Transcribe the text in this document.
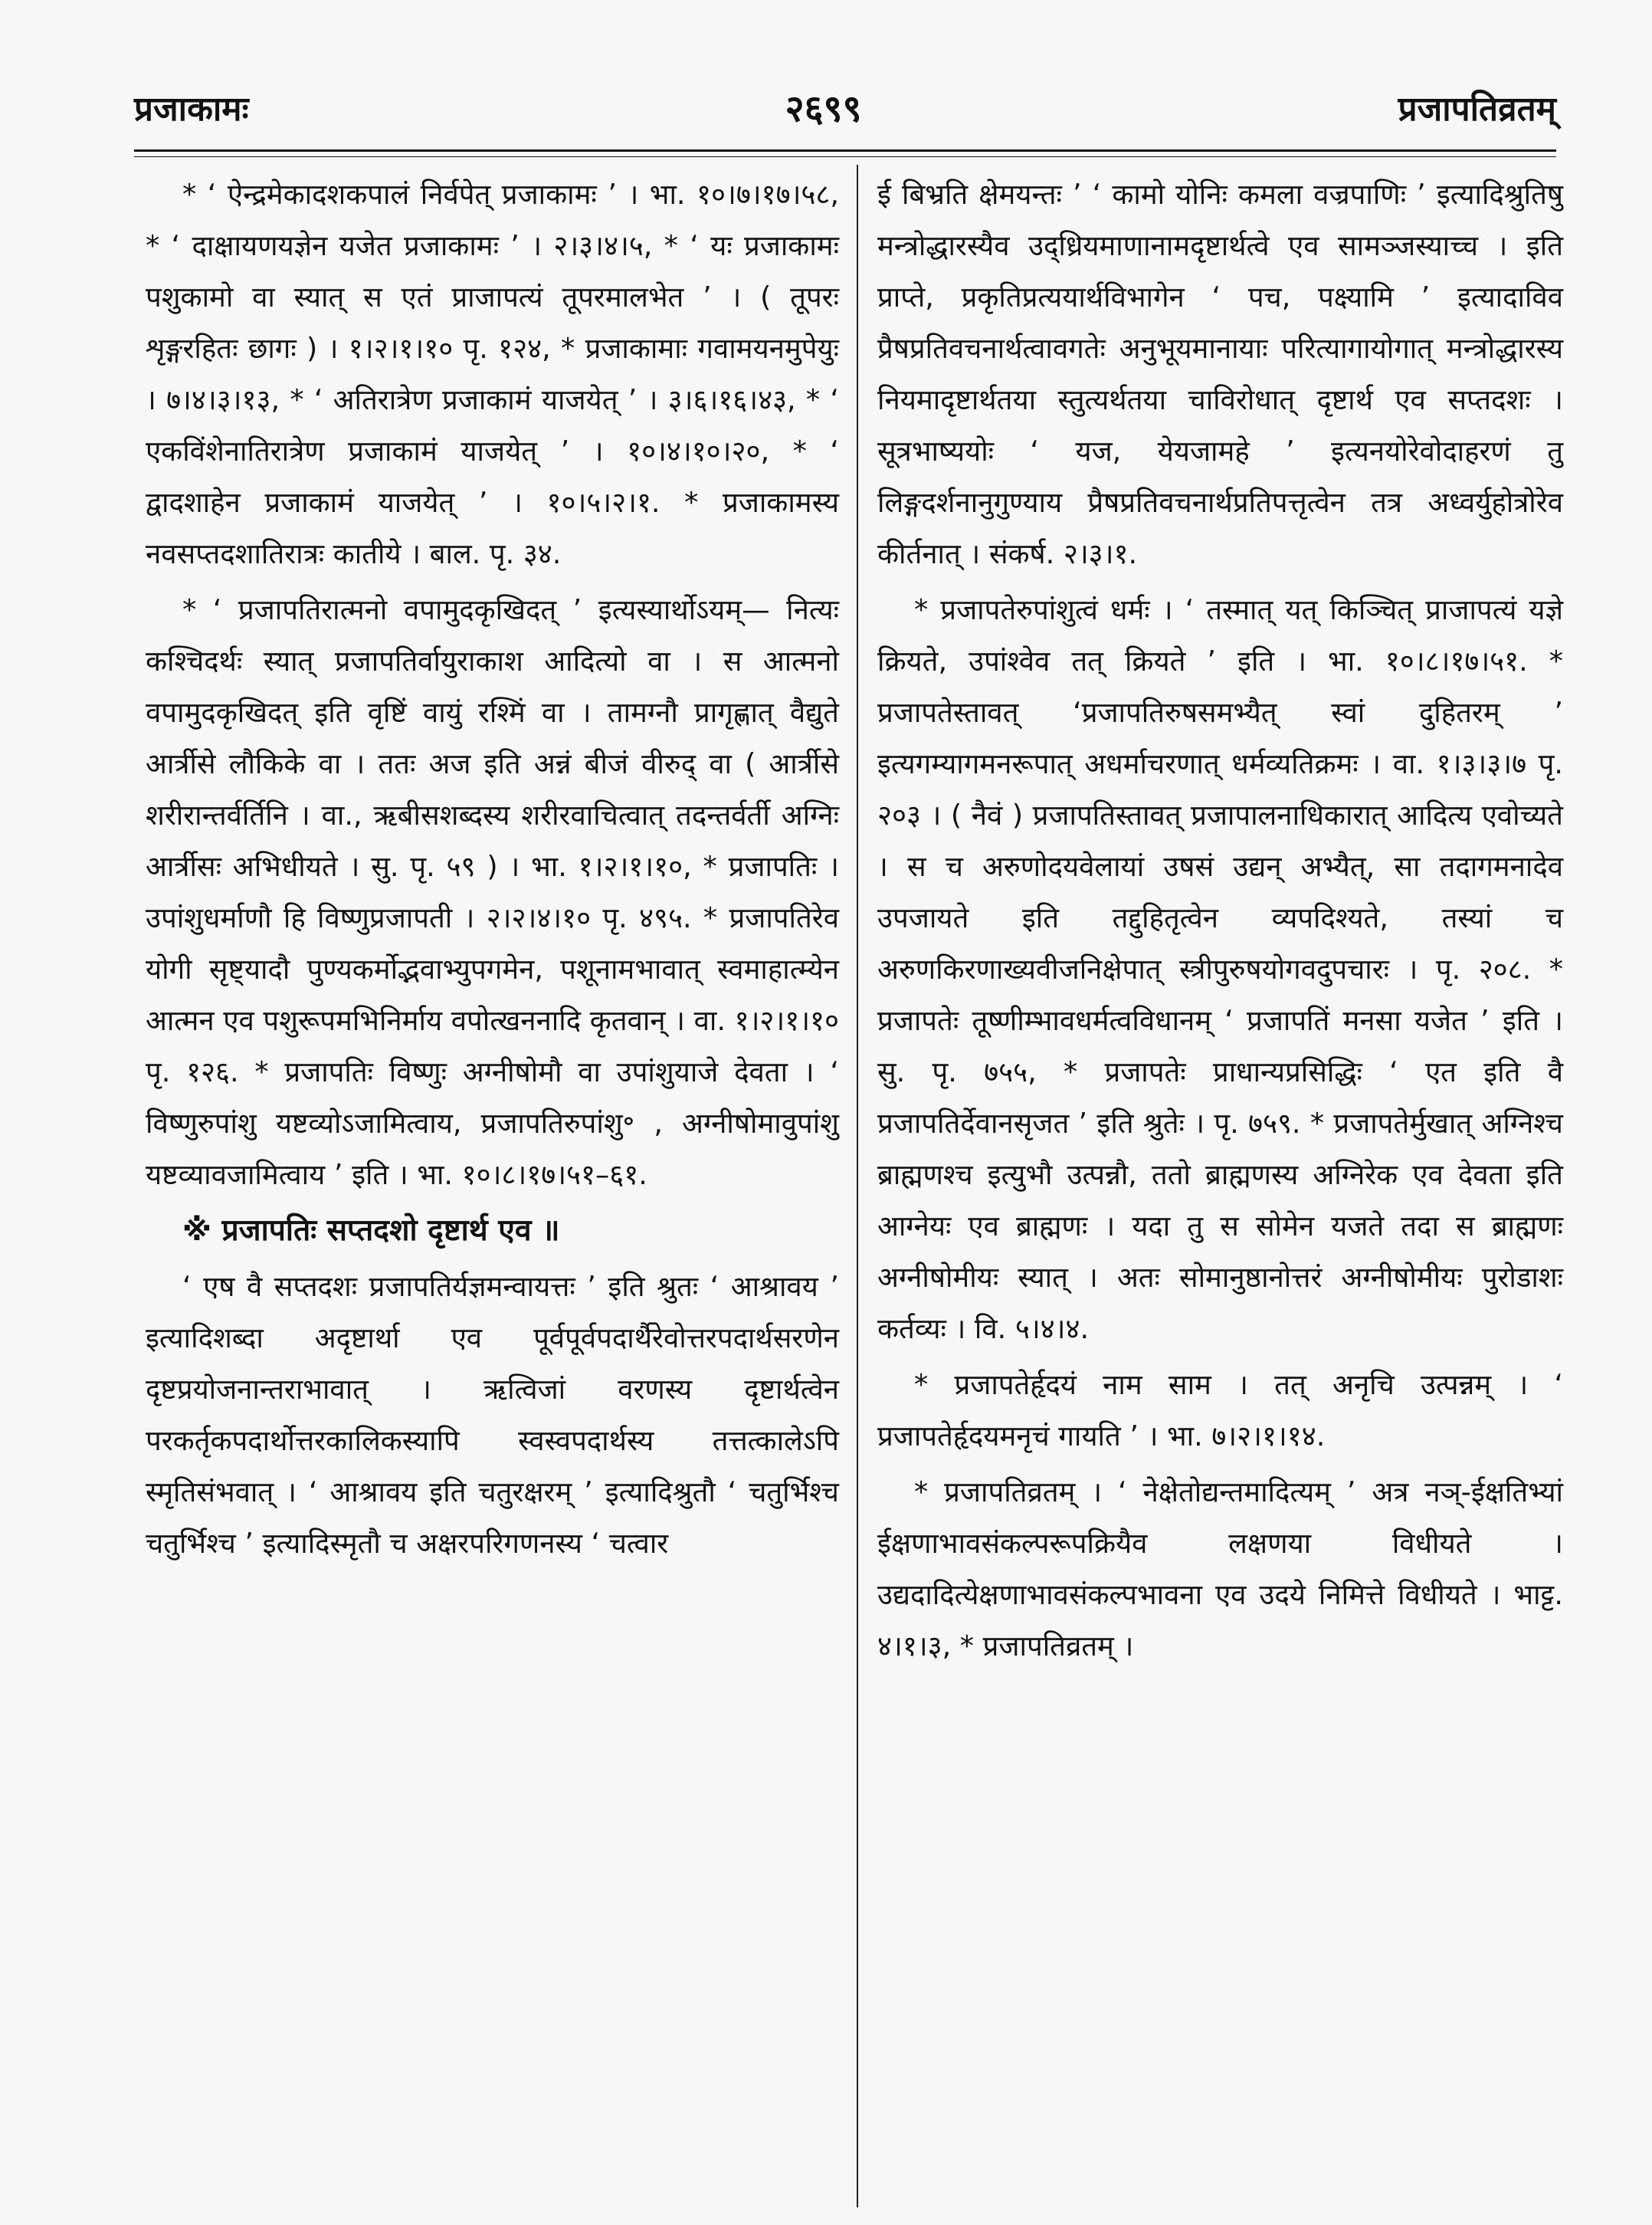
प्रजाकामः	२६९९	प्रजापतिव्रतम्

* ‘ ऐन्द्रमेकादशकपालं निर्वपेत् प्रजाकामः ’ । भा. १०।७।१७।५८, * ‘ दाक्षायणयज्ञेन यजेत प्रजाकामः ’ । २।३।४।५, * ‘ यः प्रजाकामः पशुकामो वा स्यात् स एतं प्राजापत्यं तूपरमालभेत ’ । ( तूपरः शृङ्गरहितः छागः ) । १।२।१।१० पृ. १२४, * प्रजाकामाः गवामयनमुपेयुः । ७।४।३।१३, * ‘ अतिरात्रेण प्रजाकामं याजयेत् ’ । ३।६।१६।४३, * ‘ एकविंशेनातिरात्रेण प्रजाकामं याजयेत् ’ । १०।४।१०।२०, * ‘ द्वादशाहेन प्रजाकामं याजयेत् ’ । १०।५।२।१. * प्रजाकामस्य नवसप्तदशातिरात्रः कातीये । बाल. पृ. ३४.

* ‘ प्रजापतिरात्मनो वपामुदकृखिदत् ’ इत्यस्यार्थोऽयम्— नित्यः कश्चिदर्थः स्यात् प्रजापतिर्वायुराकाश आदित्यो वा । स आत्मनो वपामुदकृखिदत् इति वृष्टिं वायुं रश्मिं वा । तामग्नौ प्रागृह्णात् वैद्युते आर्त्रीसे लौकिके वा । ततः अज इति अन्नं बीजं वीरुद् वा ( आर्त्रीसे शरीरान्तर्वर्तिनि । वा., ऋबीसशब्दस्य शरीरवाचित्वात् तदन्तर्वर्ती अग्निः आर्त्रीसः अभिधीयते । सु. पृ. ५९ ) । भा. १।२।१।१०, * प्रजापतिः । उपांशुधर्माणौ हि विष्णुप्रजापती । २।२।४।१० पृ. ४९५. * प्रजापतिरेव योगी सृष्ट्यादौ पुण्यकर्मोद्भवाभ्युपगमेन, पशूनामभावात् स्वमाहात्म्येन आत्मन एव पशुरूपमभिनिर्माय वपोत्खननादि कृतवान् । वा. १।२।१।१० पृ. १२६. * प्रजापतिः विष्णुः अग्नीषोमौ वा उपांशुयाजे देवता । ‘ विष्णुरुपांशु यष्टव्योऽजामित्वाय, प्रजापतिरुपांशु॰ , अग्नीषोमावुपांशु यष्टव्यावजामित्वाय ’ इति । भा. १०।८।१७।५१–६१.

※ प्रजापतिः सप्तदशो दृष्टार्थ एव ॥

‘ एष वै सप्तदशः प्रजापतिर्यज्ञमन्वायत्तः ’ इति श्रुतः ‘ आश्रावय ’ इत्यादिशब्दा अदृष्टार्था एव पूर्वपूर्वपदार्थैरेवोत्तरपदार्थसरणेन दृष्टप्रयोजनान्तराभावात् । ऋत्विजां वरणस्य दृष्टार्थत्वेन परकर्तृकपदार्थोत्तरकालिकस्यापि स्वस्वपदार्थस्य तत्तत्कालेऽपि स्मृतिसंभवात् । ‘ आश्रावय इति चतुरक्षरम् ’ इत्यादिश्रुतौ ‘ चतुर्भिश्च चतुर्भिश्च ’ इत्यादिस्मृतौ च अक्षरपरिगणनस्य ‘ चत्वार

ई बिभ्रति क्षेमयन्तः ’ ‘ कामो योनिः कमला वज्रपाणिः ’ इत्यादिश्रुतिषु मन्त्रोद्धारस्यैव उद्ध्रियमाणानामदृष्टार्थत्वे एव सामञ्जस्याच्च । इति प्राप्ते, प्रकृतिप्रत्ययार्थविभागेन ‘ पच, पक्ष्यामि ’ इत्यादाविव प्रैषप्रतिवचनार्थत्वावगतेः अनुभूयमानायाः परित्यागायोगात् मन्त्रोद्धारस्य नियमादृष्टार्थतया स्तुत्यर्थतया चाविरोधात् दृष्टार्थ एव सप्तदशः । सूत्रभाष्ययोः ‘ यज, येयजामहे ’ इत्यनयोरेवोदाहरणं तु लिङ्गदर्शनानुगुण्याय प्रैषप्रतिवचनार्थप्रतिपत्तृत्वेन तत्र अध्वर्युहोत्रोरेव कीर्तनात् । संकर्ष. २।३।१.

* प्रजापतेरुपांशुत्वं धर्मः । ‘ तस्मात् यत् किञ्चित् प्राजापत्यं यज्ञे क्रियते, उपांश्वेव तत् क्रियते ’ इति । भा. १०।८।१७।५१. * प्रजापतेस्तावत् ‘प्रजापतिरुषसमभ्यैत् स्वां दुहितरम् ’ इत्यगम्यागमनरूपात् अधर्माचरणात् धर्मव्यतिक्रमः । वा. १।३।३।७ पृ. २०३ । ( नैवं ) प्रजापतिस्तावत् प्रजापालनाधिकारात् आदित्य एवोच्यते । स च अरुणोदयवेलायां उषसं उद्यन् अभ्यैत्, सा तदागमनादेव उपजायते इति तद्दुहितृत्वेन व्यपदिश्यते, तस्यां च अरुणकिरणाख्यवीजनिक्षेपात् स्त्रीपुरुषयोगवदुपचारः । पृ. २०८. * प्रजापतेः तूष्णीम्भावधर्मत्वविधानम् ‘ प्रजापतिं मनसा यजेत ’ इति । सु. पृ. ७५५, * प्रजापतेः प्राधान्यप्रसिद्धिः ‘ एत इति वै प्रजापतिर्देवानसृजत ’ इति श्रुतेः । पृ. ७५९. * प्रजापतेर्मुखात् अग्निश्च ब्राह्मणश्च इत्युभौ उत्पन्नौ, ततो ब्राह्मणस्य अग्निरेक एव देवता इति आग्नेयः एव ब्राह्मणः । यदा तु स सोमेन यजते तदा स ब्राह्मणः अग्नीषोमीयः स्यात् । अतः सोमानुष्ठानोत्तरं अग्नीषोमीयः पुरोडाशः कर्तव्यः । वि. ५।४।४.

* प्रजापतेर्हृदयं नाम साम । तत् अनृचि उत्पन्नम् । ‘ प्रजापतेर्हृदयमनृचं गायति ’ । भा. ७।२।१।१४.

* प्रजापतिव्रतम् । ‘ नेक्षेतोद्यन्तमादित्यम् ’ अत्र नञ्-ईक्षतिभ्यां ईक्षणाभावसंकल्परूपक्रियैव लक्षणया विधीयते । उद्यदादित्येक्षणाभावसंकल्पभावना एव उदये निमित्ते विधीयते । भाट्ट. ४।१।३, * प्रजापतिव्रतम् ।
